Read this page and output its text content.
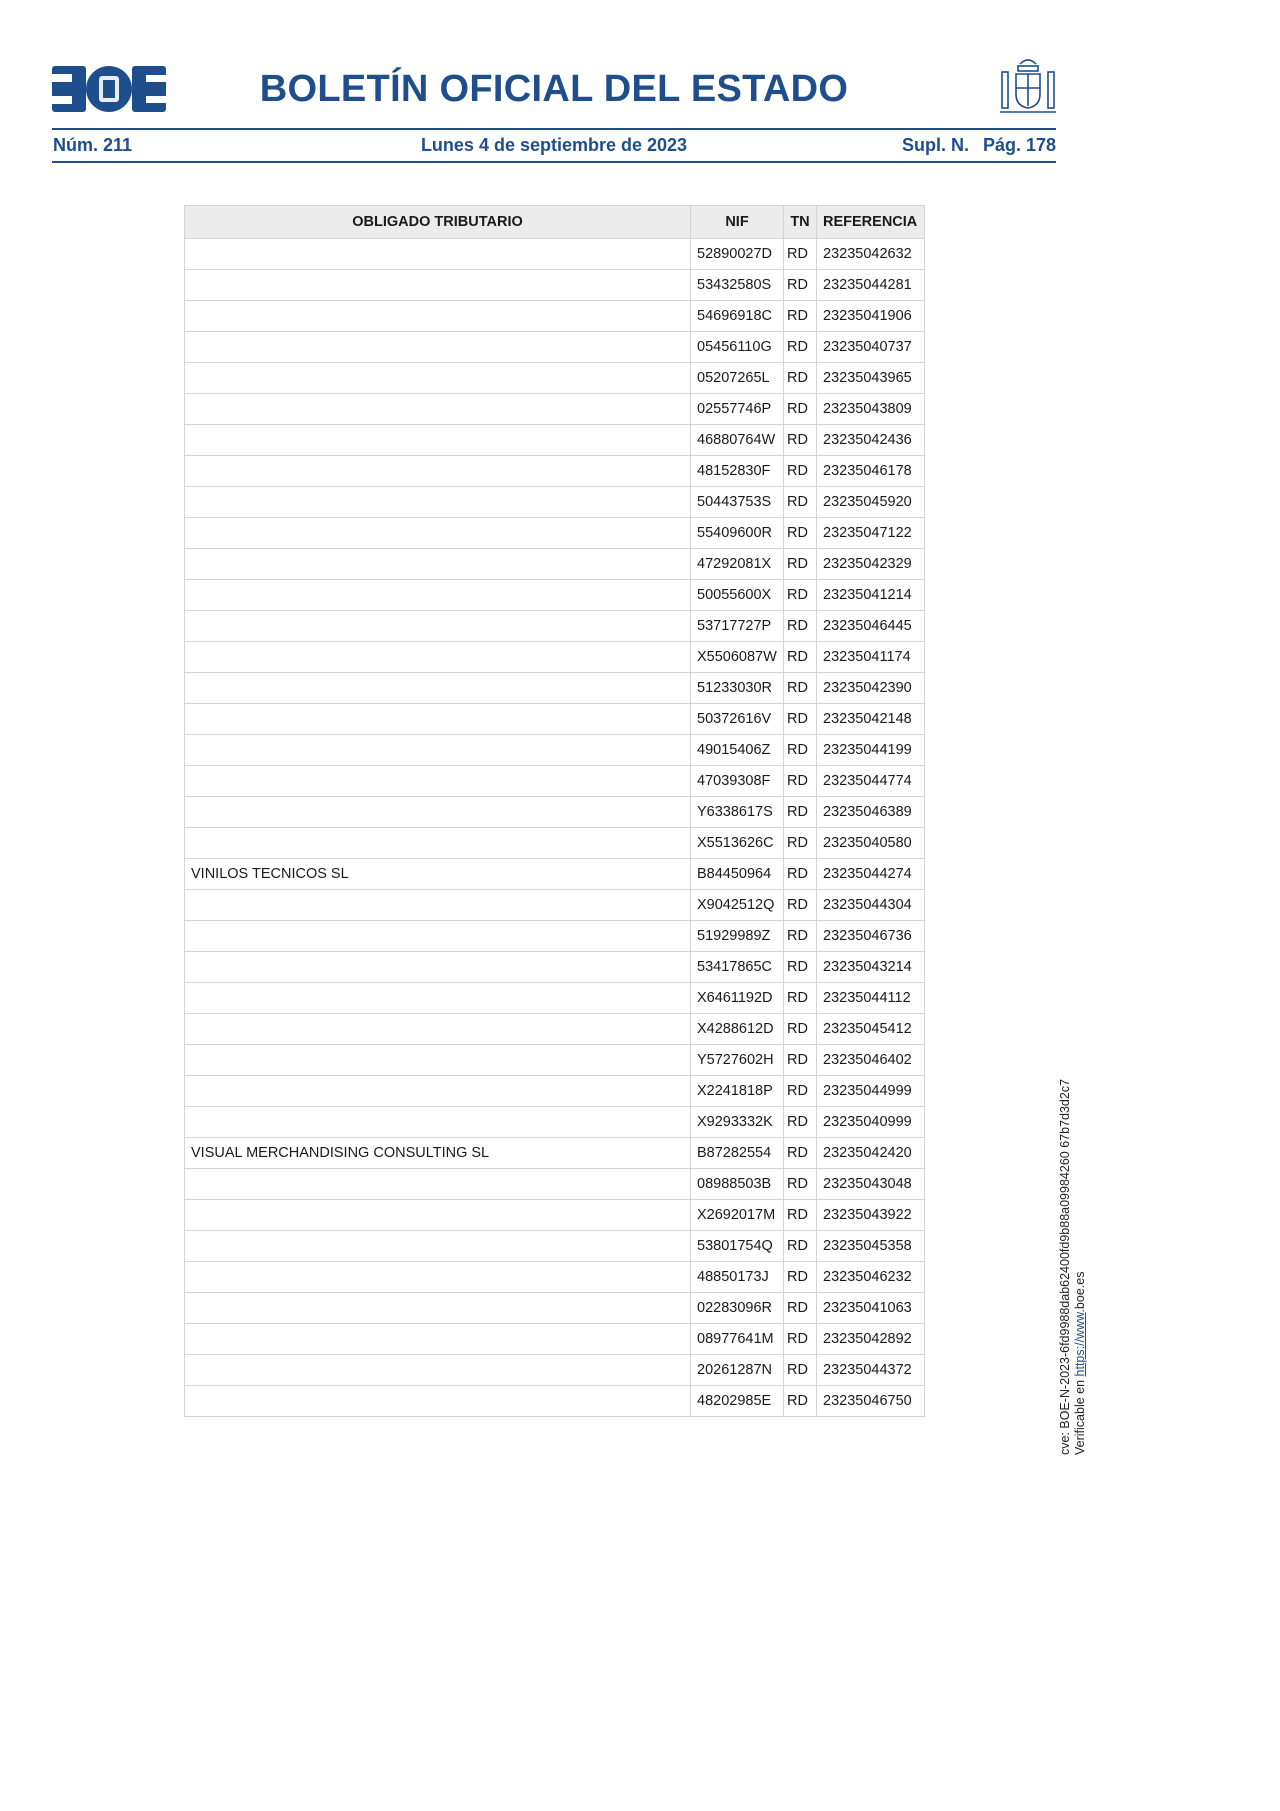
BOLETÍN OFICIAL DEL ESTADO
Núm. 211	Lunes 4 de septiembre de 2023	Supl. N. Pág. 178
OBLIGADO TRIBUTARIO	NIF	TN	REFERENCIA
	52890027D	RD	23235042632
	53432580S	RD	23235044281
	54696918C	RD	23235041906
	05456110G	RD	23235040737
	05207265L	RD	23235043965
	02557746P	RD	23235043809
	46880764W	RD	23235042436
	48152830F	RD	23235046178
	50443753S	RD	23235045920
	55409600R	RD	23235047122
	47292081X	RD	23235042329
	50055600X	RD	23235041214
	53717727P	RD	23235046445
	X5506087W	RD	23235041174
	51233030R	RD	23235042390
	50372616V	RD	23235042148
	49015406Z	RD	23235044199
	47039308F	RD	23235044774
	Y6338617S	RD	23235046389
	X5513626C	RD	23235040580
VINILOS TECNICOS SL	B84450964	RD	23235044274
	X9042512Q	RD	23235044304
	51929989Z	RD	23235046736
	53417865C	RD	23235043214
	X6461192D	RD	23235044112
	X4288612D	RD	23235045412
	Y5727602H	RD	23235046402
	X2241818P	RD	23235044999
	X9293332K	RD	23235040999
VISUAL MERCHANDISING CONSULTING SL	B87282554	RD	23235042420
	08988503B	RD	23235043048
	X2692017M	RD	23235043922
	53801754Q	RD	23235045358
	48850173J	RD	23235046232
	02283096R	RD	23235041063
	08977641M	RD	23235042892
	20261287N	RD	23235044372
	48202985E	RD	23235046750	cve: BOE-N-2023-6fd9988dab62400fd9b88a09984260 67b7d3d2c7 Verificable en https://www.boe.es
